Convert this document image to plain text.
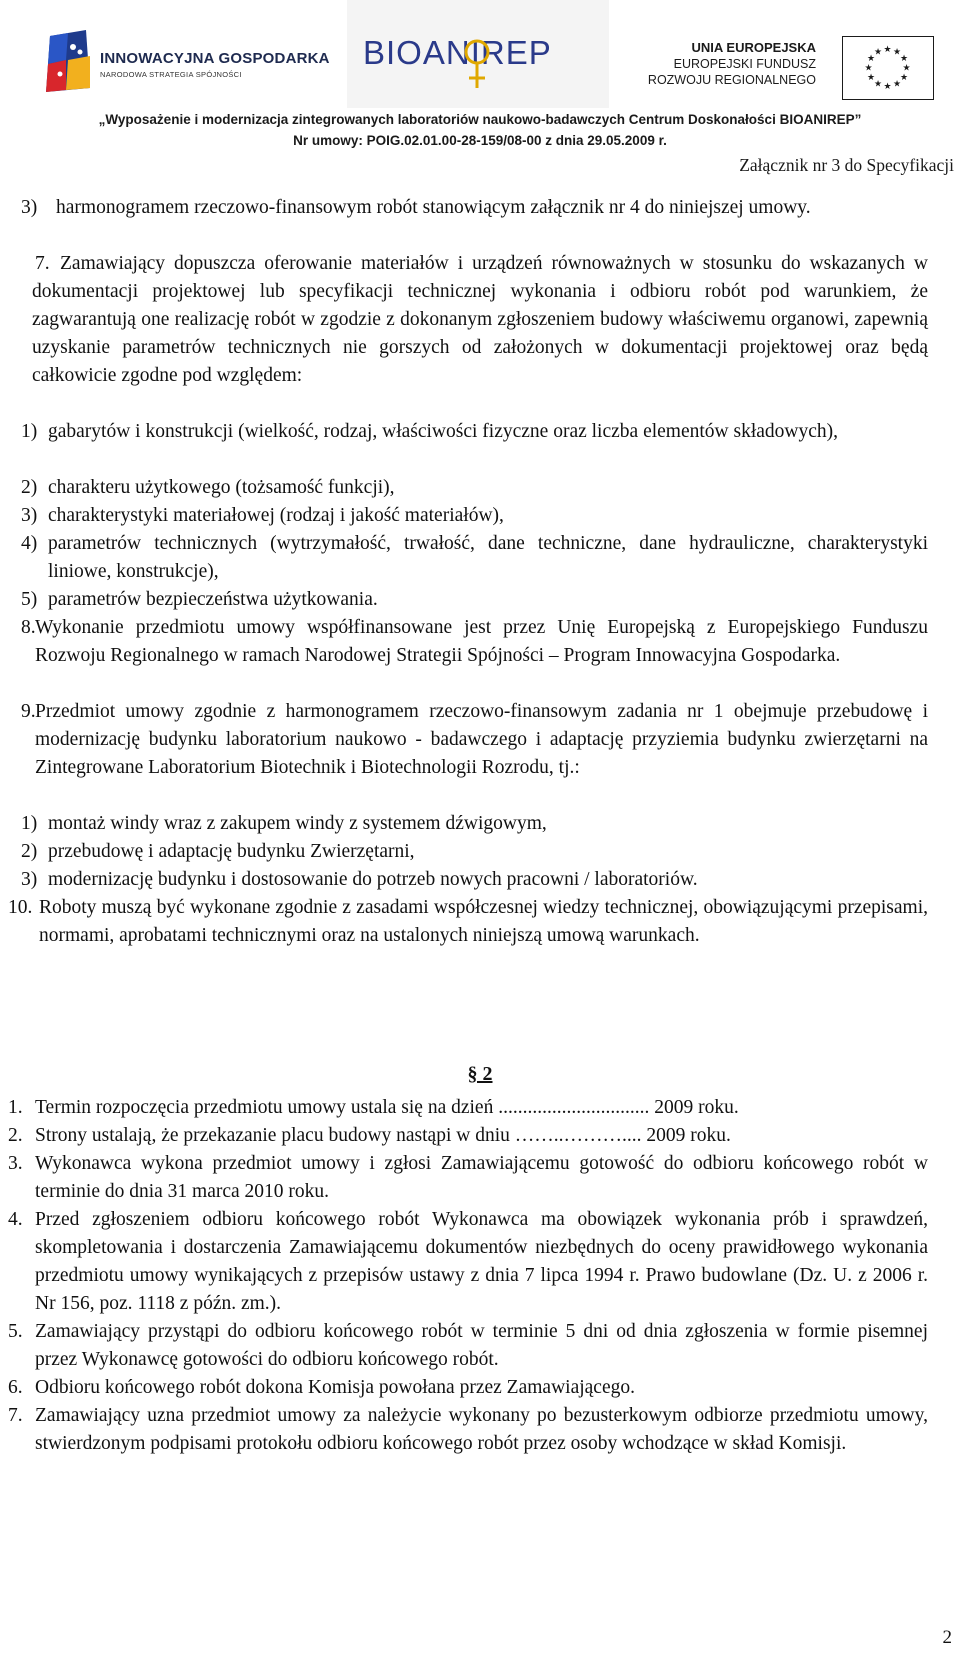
INNOWACYJNA GOSPODARKA
NARODOWA STRATEGIA SPÓJNOŚCI
BIOANIREP	UNIA EUROPEJSKA
EUROPEJSKI FUNDUSZ
ROZWOJU REGIONALNEGO
★ ★
★
★
★
★
★
★
★
★
★
★
„Wyposażenie i modernizacja zintegrowanych laboratoriów naukowo-badawczych Centrum Doskonałości BIOANIREP”
Nr umowy: POIG.02.01.00-28-159/08-00 z dnia 29.05.2009 r.
Załącznik nr 3 do Specyfikacji
3) harmonogramem rzeczowo-finansowym robót stanowiącym załącznik nr 4 do niniejszej umowy.
7. Zamawiający dopuszcza oferowanie materiałów i urządzeń równoważnych w stosunku do wskazanych w dokumentacji projektowej lub specyfikacji technicznej wykonania i odbioru robót pod warunkiem, że zagwarantują one realizację robót w zgodzie z dokonanym zgłoszeniem budowy właściwemu organowi, zapewnią uzyskanie parametrów technicznych nie gorszych od założonych w dokumentacji projektowej oraz będą całkowicie zgodne pod względem:
1) gabarytów i konstrukcji (wielkość, rodzaj, właściwości fizyczne oraz liczba elementów składowych),
2) charakteru użytkowego (tożsamość funkcji),
3) charakterystyki materiałowej (rodzaj i jakość materiałów),
4) parametrów technicznych (wytrzymałość, trwałość, dane techniczne, dane hydrauliczne, charakterystyki liniowe, konstrukcje),
5) parametrów bezpieczeństwa użytkowania.
8. Wykonanie przedmiotu umowy współfinansowane jest przez Unię Europejską z Europejskiego Funduszu Rozwoju Regionalnego w ramach Narodowej Strategii Spójności – Program Innowacyjna Gospodarka.
9. Przedmiot umowy zgodnie z harmonogramem rzeczowo-finansowym zadania nr 1 obejmuje przebudowę i modernizację budynku laboratorium naukowo - badawczego i adaptację przyziemia budynku zwierzętarni na Zintegrowane Laboratorium Biotechnik i Biotechnologii Rozrodu, tj.:
1) montaż windy wraz z zakupem windy z systemem dźwigowym,
2) przebudowę i adaptację budynku Zwierzętarni,
3) modernizację budynku i dostosowanie do potrzeb nowych pracowni / laboratoriów.
10. Roboty muszą być wykonane zgodnie z zasadami współczesnej wiedzy technicznej, obowiązującymi przepisami, normami, aprobatami technicznymi oraz na ustalonych niniejszą umową warunkach.
§ 2
1. Termin rozpoczęcia przedmiotu umowy ustala się na dzień ............................... 2009 roku.
2. Strony ustalają, że przekazanie placu budowy nastąpi w dniu ……..……….... 2009 roku.
3. Wykonawca wykona przedmiot umowy i zgłosi Zamawiającemu gotowość do odbioru końcowego robót w terminie do dnia 31 marca 2010 roku.
4. Przed zgłoszeniem odbioru końcowego robót Wykonawca ma obowiązek wykonania prób i sprawdzeń, skompletowania i dostarczenia Zamawiającemu dokumentów niezbędnych do oceny prawidłowego wykonania przedmiotu umowy wynikających z przepisów ustawy z dnia 7 lipca 1994 r. Prawo budowlane (Dz. U. z 2006 r. Nr 156, poz. 1118 z późn. zm.).
5. Zamawiający przystąpi do odbioru końcowego robót w terminie 5 dni od dnia zgłoszenia w formie pisemnej przez Wykonawcę gotowości do odbioru końcowego robót.
6. Odbioru końcowego robót dokona Komisja powołana przez Zamawiającego.
7. Zamawiający uzna przedmiot umowy za należycie wykonany po bezusterkowym odbiorze przedmiotu umowy, stwierdzonym podpisami protokołu odbioru końcowego robót przez osoby wchodzące w skład Komisji.
2
